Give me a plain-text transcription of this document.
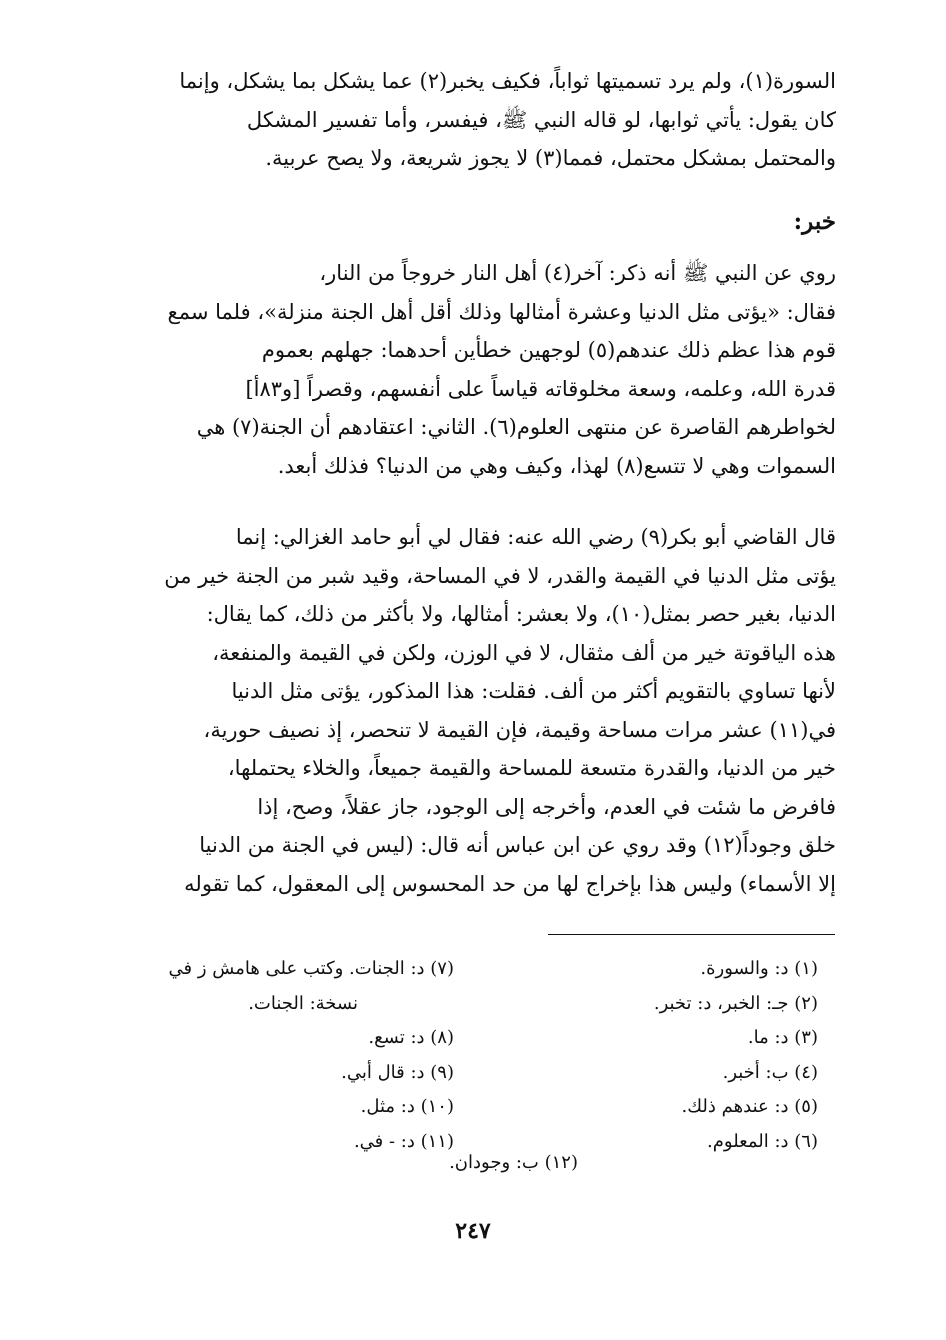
السورة(١)، ولم يرد تسميتها ثواباً، فكيف يخبر(٢) عما يشكل بما يشكل، وإنما
كان يقول: يأتي ثوابها، لو قاله النبي ﷺ، فيفسر، وأما تفسير المشكل
والمحتمل بمشكل محتمل، فمما(٣) لا يجوز شريعة، ولا يصح عربية.
خبر:
روي عن النبي ﷺ أنه ذكر: آخر(٤) أهل النار خروجاً من النار،
فقال: «يؤتى مثل الدنيا وعشرة أمثالها وذلك أقل أهل الجنة منزلة»، فلما سمع
قوم هذا عظم ذلك عندهم(٥) لوجهين خطأين أحدهما: جهلهم بعموم
قدرة الله، وعلمه، وسعة مخلوقاته قياساً على أنفسهم، وقصراً [و٨٣أ]
لخواطرهم القاصرة عن منتهى العلوم(٦). الثاني: اعتقادهم أن الجنة(٧) هي
السموات وهي لا تتسع(٨) لهذا، وكيف وهي من الدنيا؟ فذلك أبعد.
قال القاضي أبو بكر(٩) رضي الله عنه: فقال لي أبو حامد الغزالي: إنما
يؤتى مثل الدنيا في القيمة والقدر، لا في المساحة، وقيد شبر من الجنة خير من
الدنيا، بغير حصر بمثل(١٠)، ولا بعشر: أمثالها، ولا بأكثر من ذلك، كما يقال:
هذه الياقوتة خير من ألف مثقال، لا في الوزن، ولكن في القيمة والمنفعة،
لأنها تساوي بالتقويم أكثر من ألف. فقلت: هذا المذكور، يؤتى مثل الدنيا
في(١١) عشر مرات مساحة وقيمة، فإن القيمة لا تنحصر، إذ نصيف حورية،
خير من الدنيا، والقدرة متسعة للمساحة والقيمة جميعاً، والخلاء يحتملها،
فافرض ما شئت في العدم، وأخرجه إلى الوجود، جاز عقلاً، وصح، إذا
خلق وجوداً(١٢) وقد روي عن ابن عباس أنه قال: (ليس في الجنة من الدنيا
إلا الأسماء) وليس هذا بإخراج لها من حد المحسوس إلى المعقول، كما تقوله
(١) د: والسورة.
(٢) جـ: الخبر، د: تخبر.
(٣) د: ما.
(٤) ب: أخبر.
(٥) د: عندهم ذلك.
(٦) د: المعلوم.
(٧) د: الجنات. وكتب على هامش ز في
نسخة: الجنات.
(٨) د: تسع.
(٩) د: قال أبي.
(١٠) د: مثل.
(١١) د: - في.
(١٢) ب: وجودان.
٢٤٧
